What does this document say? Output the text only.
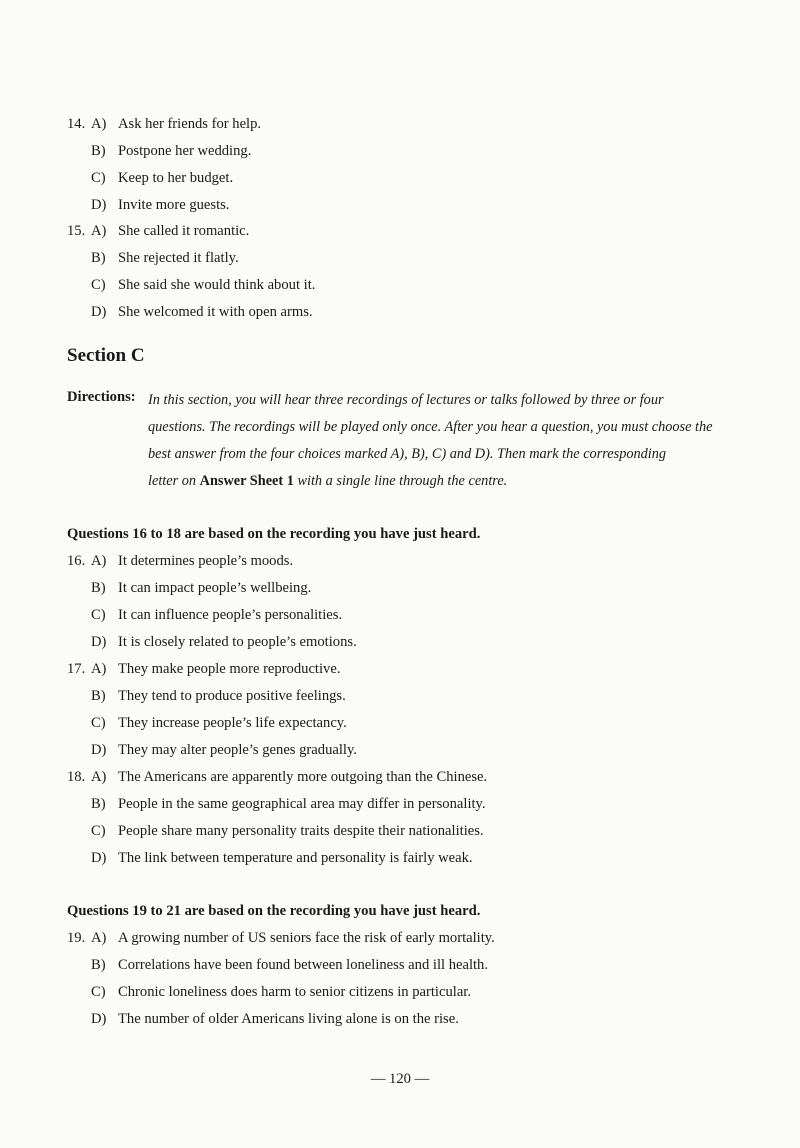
14. A) Ask her friends for help.
B) Postpone her wedding.
C) Keep to her budget.
D) Invite more guests.
15. A) She called it romantic.
B) She rejected it flatly.
C) She said she would think about it.
D) She welcomed it with open arms.
Section C
Directions: In this section, you will hear three recordings of lectures or talks followed by three or four
questions. The recordings will be played only once. After you hear a question, you must choose the
best answer from the four choices marked A), B), C) and D). Then mark the corresponding
letter on Answer Sheet 1 with a single line through the centre.
Questions 16 to 18 are based on the recording you have just heard.
16. A) It determines people’s moods.
B) It can impact people’s wellbeing.
C) It can influence people’s personalities.
D) It is closely related to people’s emotions.
17. A) They make people more reproductive.
B) They tend to produce positive feelings.
C) They increase people’s life expectancy.
D) They may alter people’s genes gradually.
18. A) The Americans are apparently more outgoing than the Chinese.
B) People in the same geographical area may differ in personality.
C) People share many personality traits despite their nationalities.
D) The link between temperature and personality is fairly weak.
Questions 19 to 21 are based on the recording you have just heard.
19. A) A growing number of US seniors face the risk of early mortality.
B) Correlations have been found between loneliness and ill health.
C) Chronic loneliness does harm to senior citizens in particular.
D) The number of older Americans living alone is on the rise.
— 120 —
